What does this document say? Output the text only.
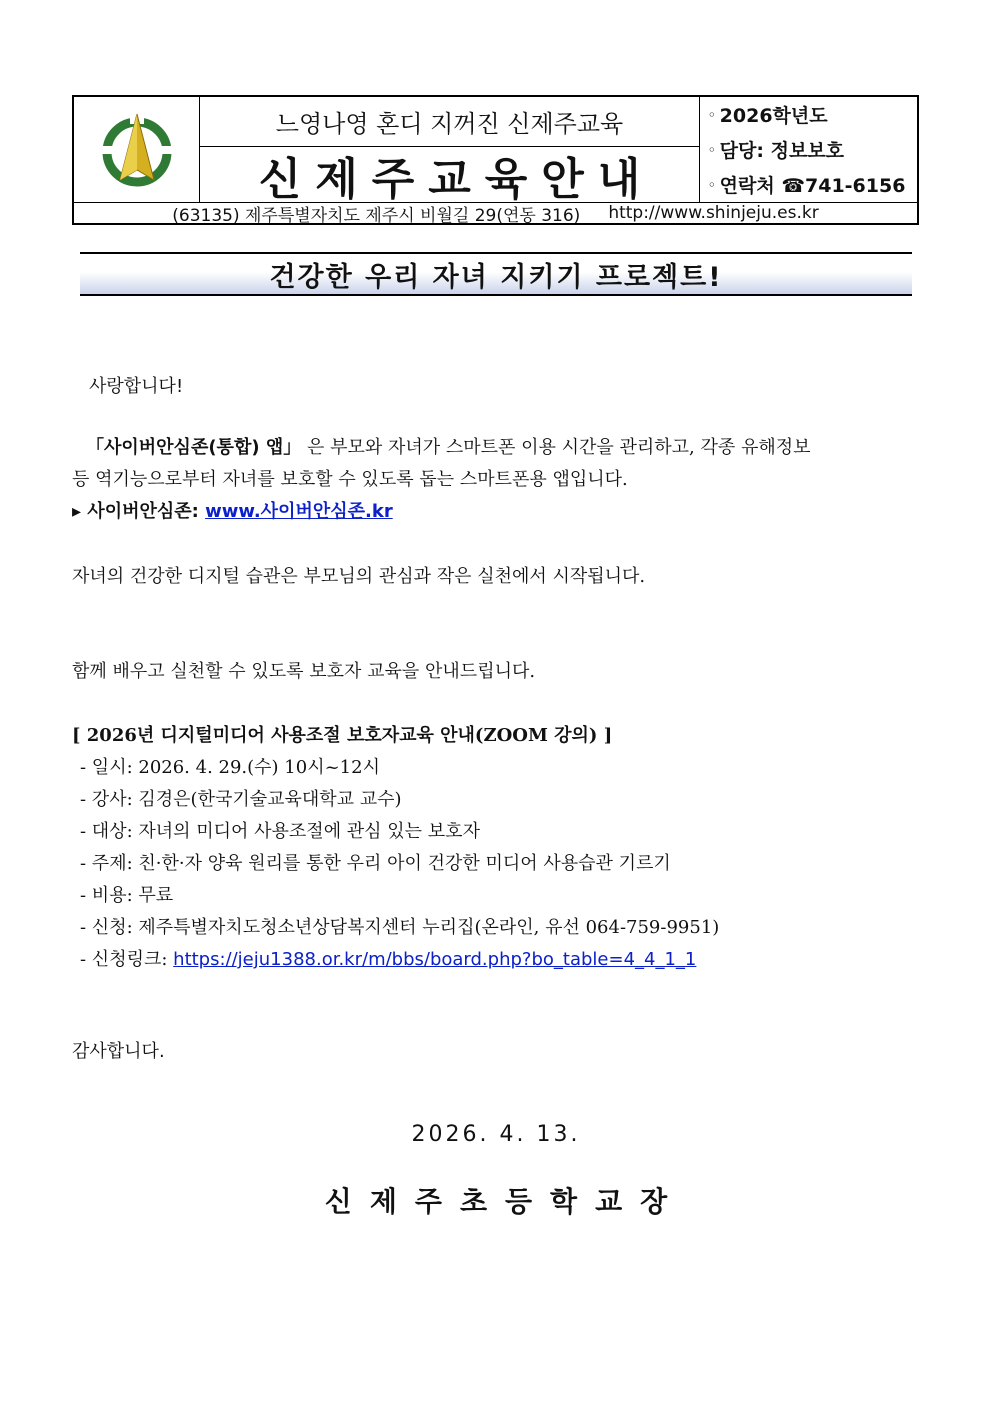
느영나영 혼디 지꺼진 신제주교육
신제주교육안내
◦ 2026학년도
◦ 담당: 정보보호
◦ 연락처 ☎741-6156
(63135) 제주특별자치도 제주시 비월길 29(연동 316) http://www.shinjeju.es.kr
건강한 우리 자녀 지키기 프로젝트!
사랑합니다!
「사이버안심존(통합) 앱」 은 부모와 자녀가 스마트폰 이용 시간을 관리하고, 각종 유해정보
등 역기능으로부터 자녀를 보호할 수 있도록 돕는 스마트폰용 앱입니다.
▸ 사이버안심존: www.사이버안심존.kr
자녀의 건강한 디지털 습관은 부모님의 관심과 작은 실천에서 시작됩니다.
함께 배우고 실천할 수 있도록 보호자 교육을 안내드립니다.
[ 2026년 디지털미디어 사용조절 보호자교육 안내(ZOOM 강의) ]
- 일시: 2026. 4. 29.(수) 10시~12시
- 강사: 김경은(한국기술교육대학교 교수)
- 대상: 자녀의 미디어 사용조절에 관심 있는 보호자
- 주제: 친·한·자 양육 원리를 통한 우리 아이 건강한 미디어 사용습관 기르기
- 비용: 무료
- 신청: 제주특별자치도청소년상담복지센터 누리집(온라인, 유선 064-759-9951)
- 신청링크: https://jeju1388.or.kr/m/bbs/board.php?bo_table=4_4_1_1
감사합니다.
2026. 4. 13.
신제주초등학교장
